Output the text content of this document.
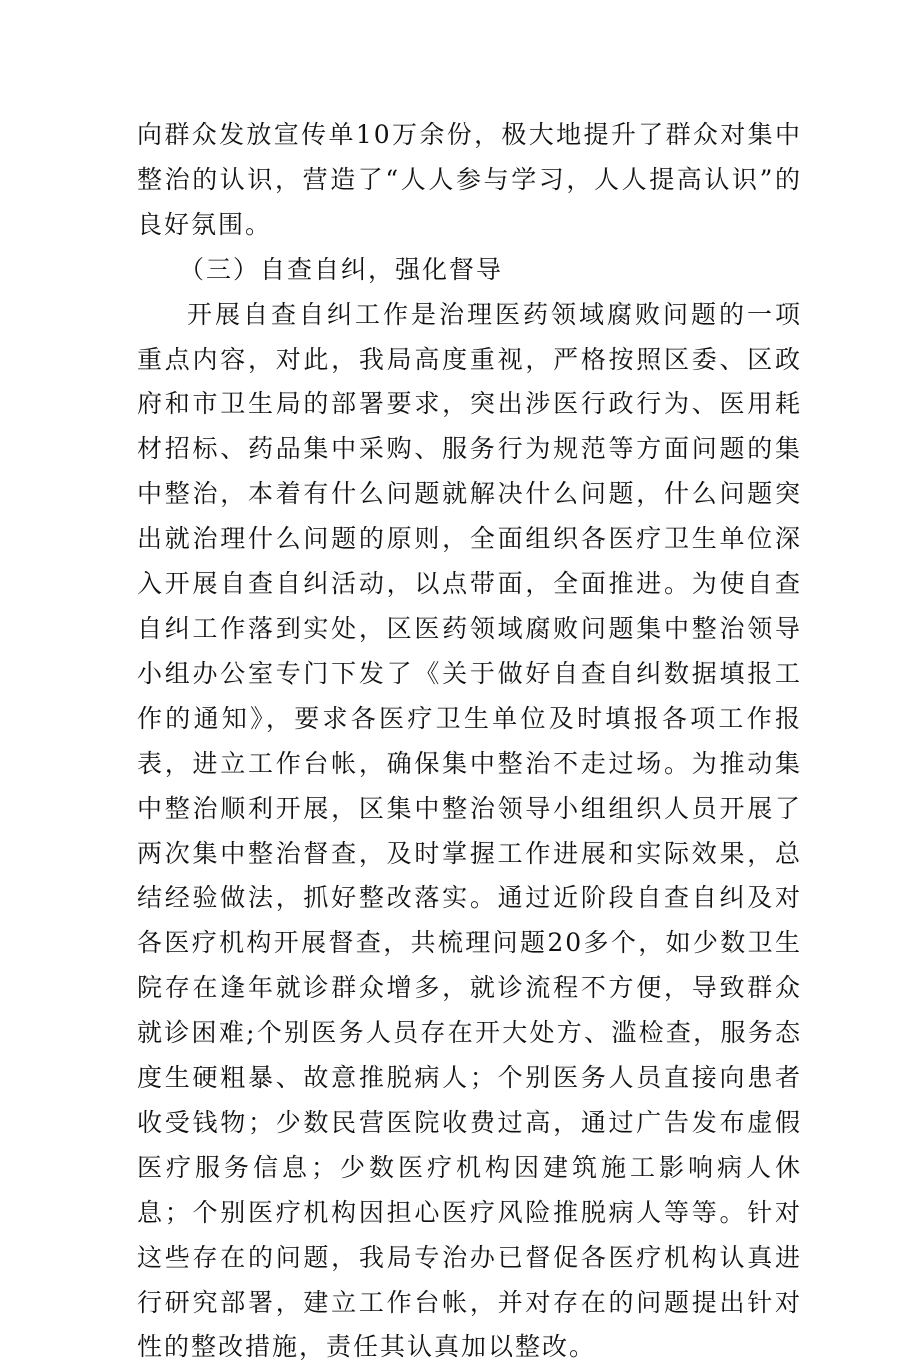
向群众发放宣传单10万余份，极大地提升了群众对集中整治的认识，营造了“人人参与学习，人人提高认识”的良好氛围。

（三）自查自纠，强化督导

开展自查自纠工作是治理医药领域腐败问题的一项重点内容，对此，我局高度重视，严格按照区委、区政府和市卫生局的部署要求，突出涉医行政行为、医用耗材招标、药品集中采购、服务行为规范等方面问题的集中整治，本着有什么问题就解决什么问题，什么问题突出就治理什么问题的原则，全面组织各医疗卫生单位深入开展自查自纠活动，以点带面，全面推进。为使自查自纠工作落到实处，区医药领域腐败问题集中整治领导小组办公室专门下发了《关于做好自查自纠数据填报工作的通知》，要求各医疗卫生单位及时填报各项工作报表，进立工作台帐，确保集中整治不走过场。为推动集中整治顺利开展，区集中整治领导小组组织人员开展了两次集中整治督查，及时掌握工作进展和实际效果，总结经验做法，抓好整改落实。通过近阶段自查自纠及对各医疗机构开展督查，共梳理问题20多个，如少数卫生院存在逢年就诊群众增多，就诊流程不方便，导致群众就诊困难;个别医务人员存在开大处方、滥检查，服务态度生硬粗暴、故意推脱病人；个别医务人员直接向患者收受钱物；少数民营医院收费过高，通过广告发布虚假医疗服务信息；少数医疗机构因建筑施工影响病人休息；个别医疗机构因担心医疗风险推脱病人等等。针对这些存在的问题，我局专治办已督促各医疗机构认真进行研究部署，建立工作台帐，并对存在的问题提出针对性的整改措施，责任其认真加以整改。
